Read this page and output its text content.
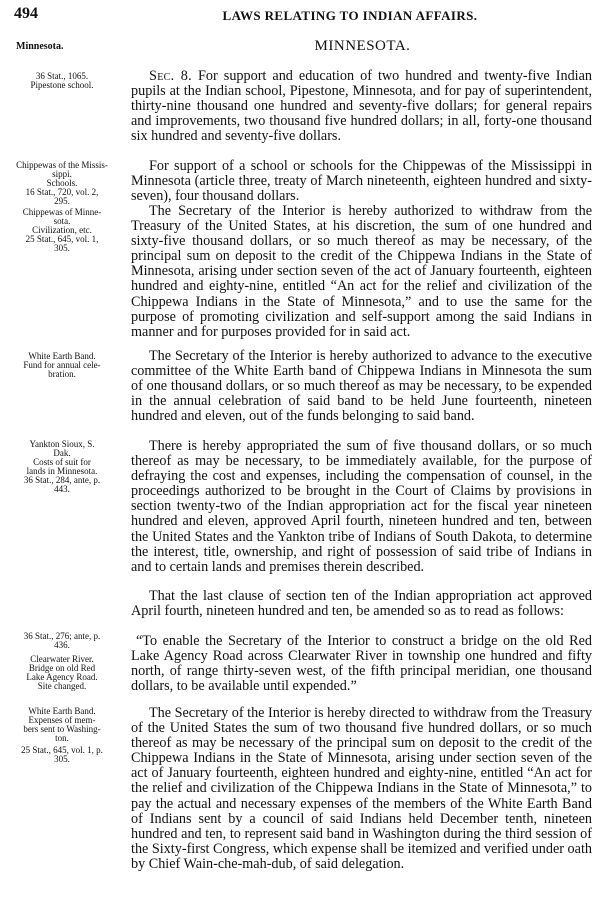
494	LAWS RELATING TO INDIAN AFFAIRS.
Minnesota.	MINNESOTA.
36 Stat., 1065.
Pipestone school.
Chippewas of the Missis-
sippi.
Schools.
16 Stat., 720, vol. 2,
295.
Chippewas of Minne-
sota.
Civilization, etc.
25 Stat., 645, vol. 1,
305.
White Earth Band.
Fund for annual cele-
bration.
Yankton Sioux, S.
Dak.
Costs of suit for
lands in Minnesota.
36 Stat., 284, ante, p.
443.
36 Stat., 276; ante, p.
436.
Clearwater River.
Bridge on old Red
Lake Agency Road.
Site changed.
White Earth Band.
Expenses of mem-
bers sent to Washing-
ton.
25 Stat., 645, vol. 1, p.
305.

Sec. 8. For support and education of two hundred and twenty-five Indian pupils at the Indian school, Pipestone, Minnesota, and for pay of superintendent, thirty-nine thousand one hundred and seventy-five dollars; for general repairs and improvements, two thousand five hundred dollars; in all, forty-one thousand six hundred and seventy-five dollars.

For support of a school or schools for the Chippewas of the Mississippi in Minnesota (article three, treaty of March nineteenth, eighteen hundred and sixty-seven), four thousand dollars.

The Secretary of the Interior is hereby authorized to withdraw from the Treasury of the United States, at his discretion, the sum of one hundred and sixty-five thousand dollars, or so much thereof as may be necessary, of the principal sum on deposit to the credit of the Chippewa Indians in the State of Minnesota, arising under section seven of the act of January fourteenth, eighteen hundred and eighty-nine, entitled “An act for the relief and civilization of the Chippewa Indians in the State of Minnesota,” and to use the same for the purpose of promoting civilization and self-support among the said Indians in manner and for purposes provided for in said act.

The Secretary of the Interior is hereby authorized to advance to the executive committee of the White Earth band of Chippewa Indians in Minnesota the sum of one thousand dollars, or so much thereof as may be necessary, to be expended in the annual celebration of said band to be held June fourteenth, nineteen hundred and eleven, out of the funds belonging to said band.

There is hereby appropriated the sum of five thousand dollars, or so much thereof as may be necessary, to be immediately available, for the purpose of defraying the cost and expenses, including the compensation of counsel, in the proceedings authorized to be brought in the Court of Claims by provisions in section twenty-two of the Indian appropriation act for the fiscal year nineteen hundred and eleven, approved April fourth, nineteen hundred and ten, between the United States and the Yankton tribe of Indians of South Dakota, to determine the interest, title, ownership, and right of possession of said tribe of Indians in and to certain lands and premises therein described.

That the last clause of section ten of the Indian appropriation act approved April fourth, nineteen hundred and ten, be amended so as to read as follows:

“To enable the Secretary of the Interior to construct a bridge on the old Red Lake Agency Road across Clearwater River in township one hundred and fifty north, of range thirty-seven west, of the fifth principal meridian, one thousand dollars, to be available until expended.”

The Secretary of the Interior is hereby directed to withdraw from the Treasury of the United States the sum of two thousand five hundred dollars, or so much thereof as may be necessary of the principal sum on deposit to the credit of the Chippewa Indians in the State of Minnesota, arising under section seven of the act of January fourteenth, eighteen hundred and eighty-nine, entitled “An act for the relief and civilization of the Chippewa Indians in the State of Minnesota,” to pay the actual and necessary expenses of the members of the White Earth Band of Indians sent by a council of said Indians held December tenth, nineteen hundred and ten, to represent said band in Washington during the third session of the Sixty-first Congress, which expense shall be itemized and verified under oath by Chief Wain-che-mah-dub, of said delegation.
